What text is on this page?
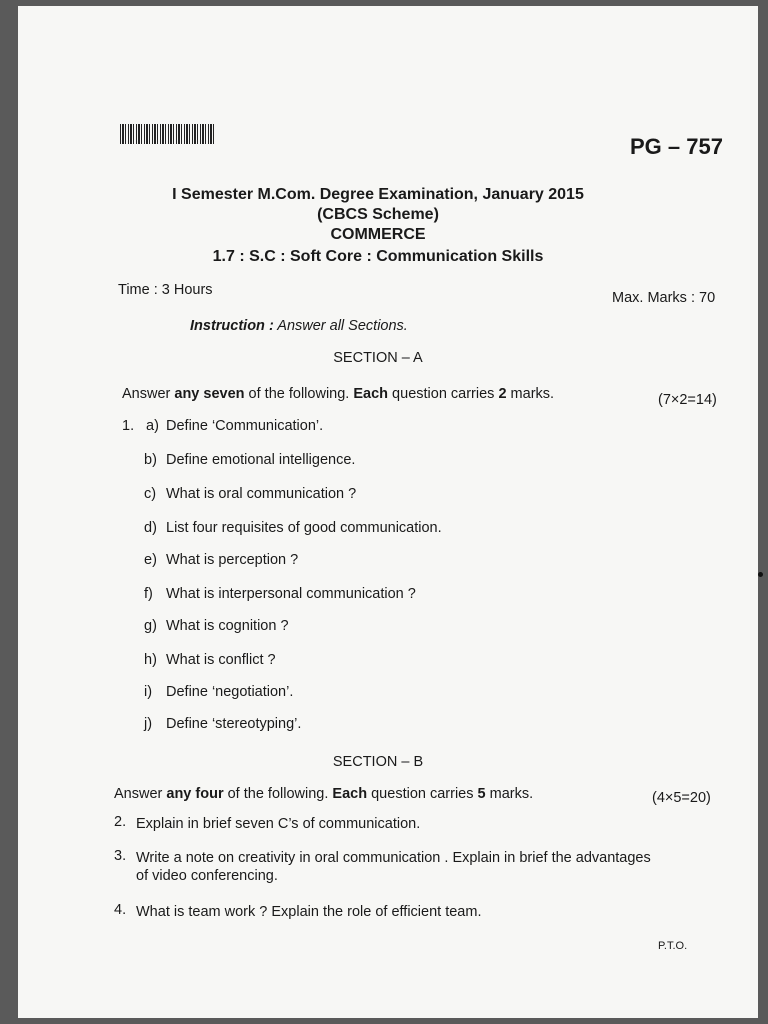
PG – 757
I Semester M.Com. Degree Examination, January 2015
(CBCS Scheme)
COMMERCE
1.7 : S.C : Soft Core : Communication Skills
Time : 3 Hours	Max. Marks : 70
Instruction : Answer all Sections.
SECTION – A
Answer any seven of the following. Each question carries 2 marks.	(7×2=14)
1. a) Define ‘Communication’.
b) Define emotional intelligence.
c) What is oral communication ?
d) List four requisites of good communication.
e) What is perception ?
f) What is interpersonal communication ?
g) What is cognition ?
h) What is conflict ?
i) Define ‘negotiation’.
j) Define ‘stereotyping’.
SECTION – B
Answer any four of the following. Each question carries 5 marks.	(4×5=20)
2. Explain in brief seven C’s of communication.
3. Write a note on creativity in oral communication . Explain in brief the advantages
of video conferencing.
4. What is team work ? Explain the role of efficient team.
P.T.O.
